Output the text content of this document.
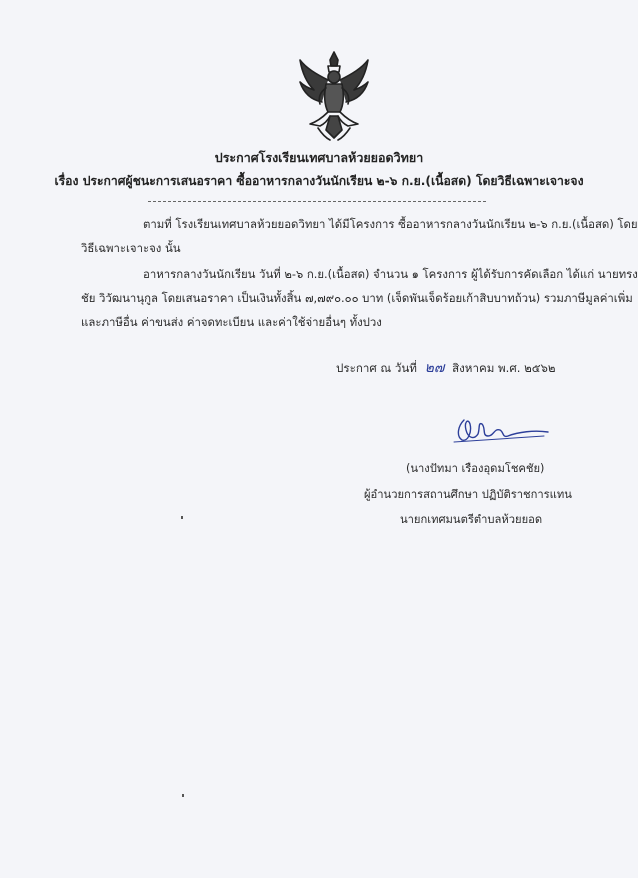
ประกาศโรงเรียนเทศบาลห้วยยอดวิทยา
เรื่อง ประกาศผู้ชนะการเสนอราคา ซื้ออาหารกลางวันนักเรียน ๒-๖ ก.ย.(เนื้อสด) โดยวิธีเฉพาะเจาะจง
ตามที่ โรงเรียนเทศบาลห้วยยอดวิทยา ได้มีโครงการ ซื้ออาหารกลางวันนักเรียน ๒-๖ ก.ย.(เนื้อสด) โดย
วิธีเฉพาะเจาะจง นั้น
อาหารกลางวันนักเรียน วันที่ ๒-๖ ก.ย.(เนื้อสด) จำนวน ๑ โครงการ ผู้ได้รับการคัดเลือก ได้แก่ นายทรง
ชัย วิวัฒนานุกูล โดยเสนอราคา เป็นเงินทั้งสิ้น ๗,๗๙๐.๐๐ บาท (เจ็ดพันเจ็ดร้อยเก้าสิบบาทถ้วน) รวมภาษีมูลค่าเพิ่ม
และภาษีอื่น ค่าขนส่ง ค่าจดทะเบียน และค่าใช้จ่ายอื่นๆ ทั้งปวง
ประกาศ ณ วันที่ ๒๗ สิงหาคม พ.ศ. ๒๕๖๒
(นางปัทมา เรืองอุดมโชคชัย)
ผู้อำนวยการสถานศึกษา ปฏิบัติราชการแทน
นายกเทศมนตรีตำบลห้วยยอด
